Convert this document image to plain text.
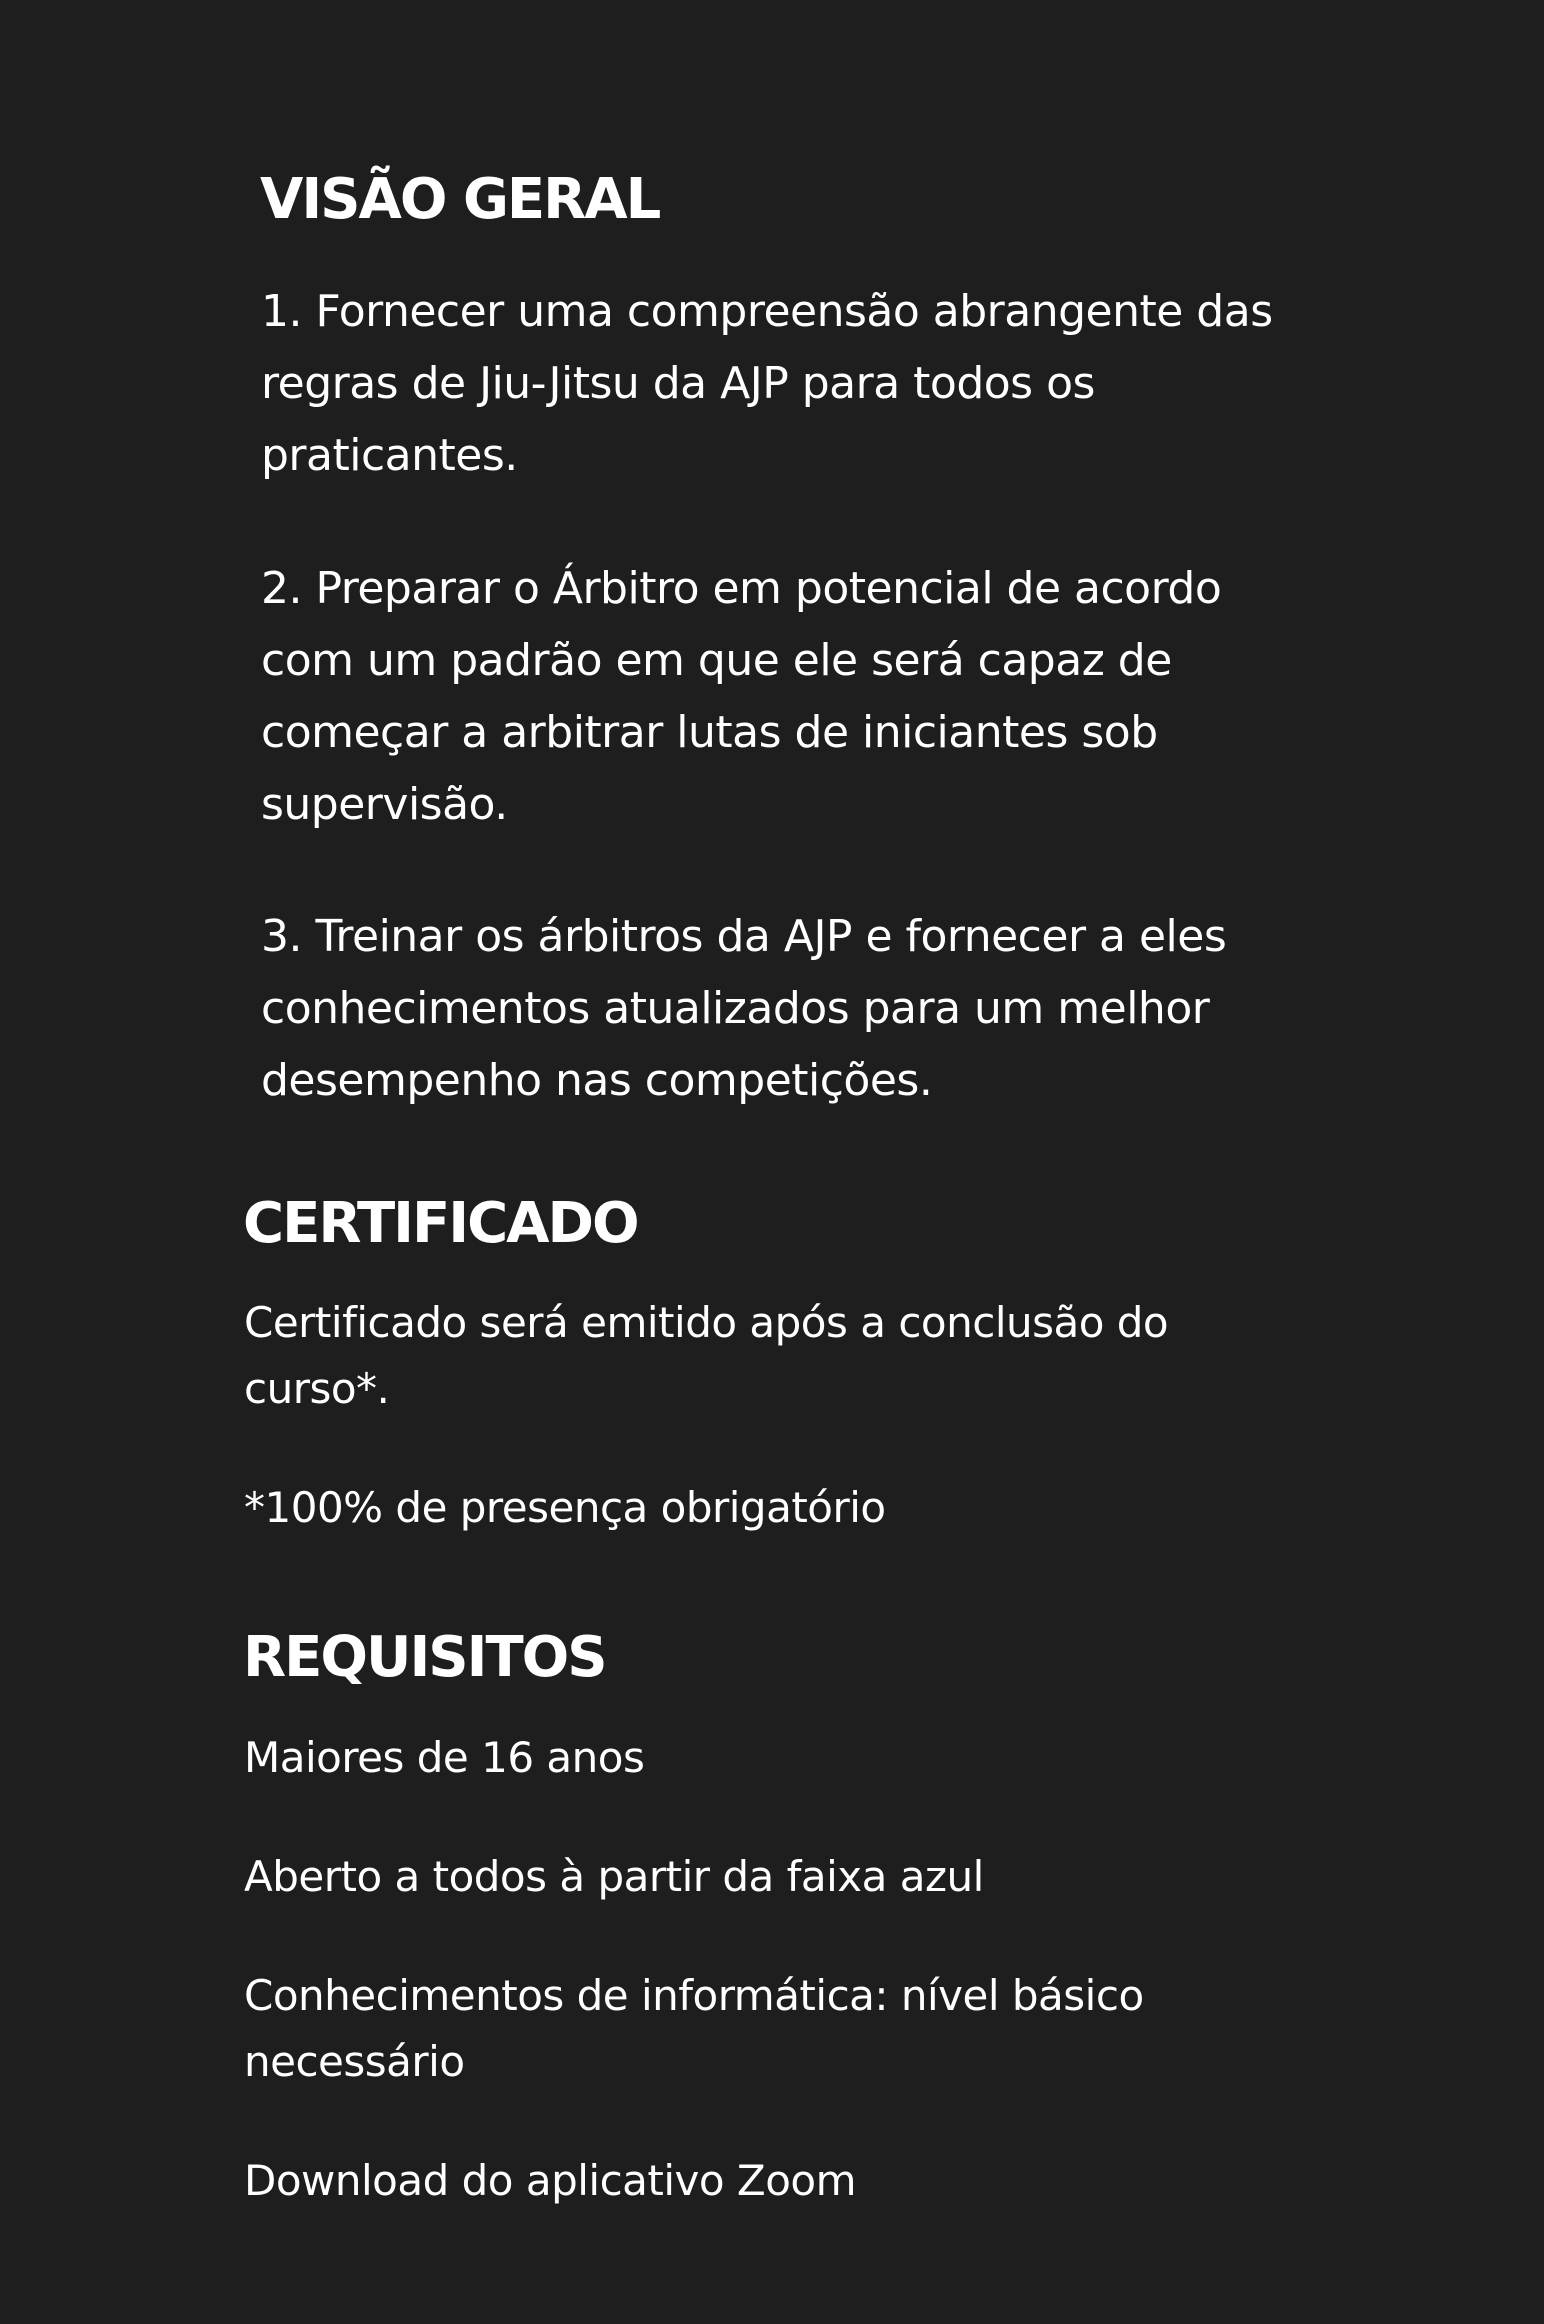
VISÃO GERAL

1. Fornecer uma compreensão abrangente das
regras de Jiu-Jitsu da AJP para todos os
praticantes.

2. Preparar o Árbitro em potencial de acordo
com um padrão em que ele será capaz de
começar a arbitrar lutas de iniciantes sob
supervisão.

3. Treinar os árbitros da AJP e fornecer a eles
conhecimentos atualizados para um melhor
desempenho nas competições.

CERTIFICADO

Certificado será emitido após a conclusão do
curso*.

*100% de presença obrigatório

REQUISITOS

Maiores de 16 anos

Aberto a todos à partir da faixa azul

Conhecimentos de informática: nível básico
necessário

Download do aplicativo Zoom
